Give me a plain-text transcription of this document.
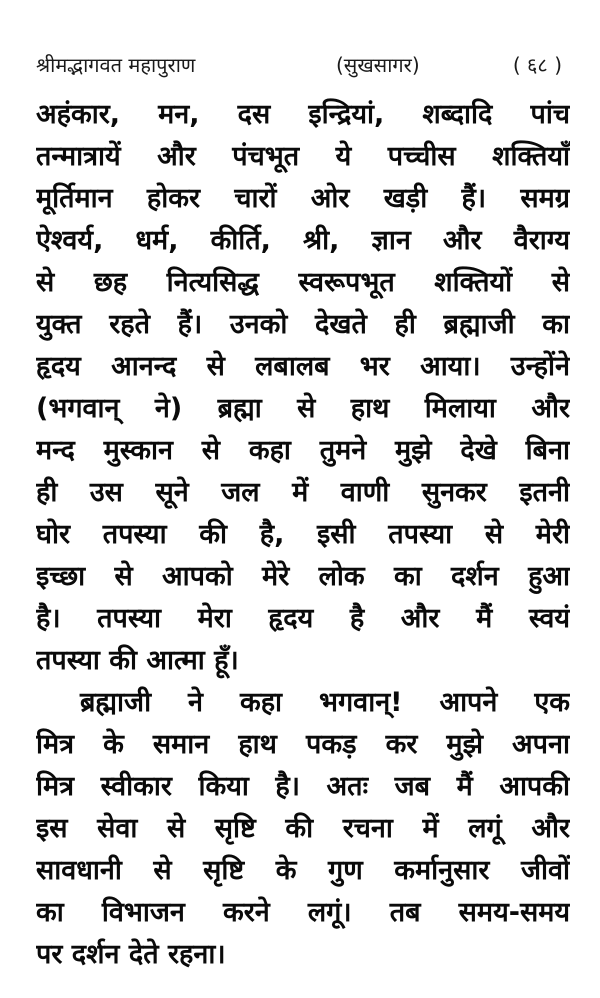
श्रीमद्भागवत महापुराण	(सुखसागर)	( ६८ )
अहंकार, मन, दस इन्द्रियां, शब्दादि पांच
तन्मात्रायें और पंचभूत ये पच्चीस शक्तियाँ
मूर्तिमान होकर चारों ओर खड़ी हैं। समग्र
ऐश्वर्य, धर्म, कीर्ति, श्री, ज्ञान और वैराग्य
से छह नित्यसिद्ध स्वरूपभूत शक्तियों से
युक्त रहते हैं। उनको देखते ही ब्रह्माजी का
हृदय आनन्द से लबालब भर आया। उन्होंने
(भगवान् ने) ब्रह्मा से हाथ मिलाया और
मन्द मुस्कान से कहा तुमने मुझे देखे बिना
ही उस सूने जल में वाणी सुनकर इतनी
घोर तपस्या की है, इसी तपस्या से मेरी
इच्छा से आपको मेरे लोक का दर्शन हुआ
है। तपस्या मेरा हृदय है और मैं स्वयं
तपस्या की आत्मा हूँ।
ब्रह्माजी ने कहा भगवान्! आपने एक
मित्र के समान हाथ पकड़ कर मुझे अपना
मित्र स्वीकार किया है। अतः जब मैं आपकी
इस सेवा से सृष्टि की रचना में लगूं और
सावधानी से सृष्टि के गुण कर्मानुसार जीवों
का विभाजन करने लगूं। तब समय-समय
पर दर्शन देते रहना।
